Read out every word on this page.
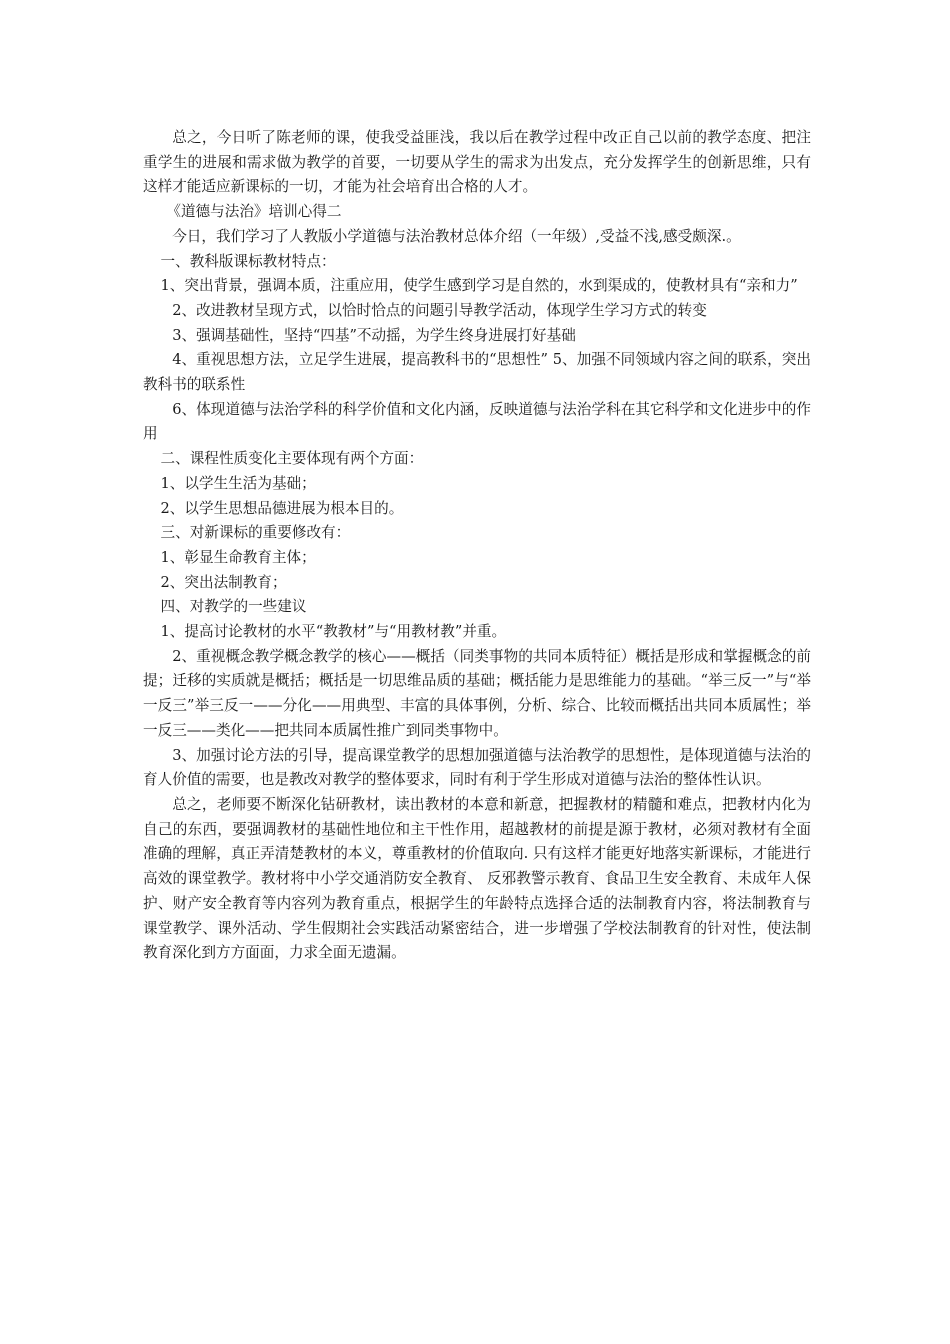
总之，今日听了陈老师的课，使我受益匪浅，我以后在教学过程中改正自己以前的教学态度、把注重学生的进展和需求做为教学的首要，一切要从学生的需求为出发点，充分发挥学生的创新思维，只有这样才能适应新课标的一切，才能为社会培育出合格的人才。

《道德与法治》培训心得二

今日，我们学习了人教版小学道德与法治教材总体介绍（一年级）,受益不浅,感受颇深.。

一、教科版课标教材特点：

1、突出背景，强调本质，注重应用，使学生感到学习是自然的，水到渠成的，使教材具有“亲和力”

2、改进教材呈现方式，以恰时恰点的问题引导教学活动，体现学生学习方式的转变

3、强调基础性，坚持“四基”不动摇，为学生终身进展打好基础

4、重视思想方法，立足学生进展，提高教科书的“思想性” 5、加强不同领域内容之间的联系，突出教科书的联系性

6、体现道德与法治学科的科学价值和文化内涵，反映道德与法治学科在其它科学和文化进步中的作用

二、课程性质变化主要体现有两个方面：

1、以学生生活为基础；

2、以学生思想品德进展为根本目的。

三、对新课标的重要修改有：

1、彰显生命教育主体；

2、突出法制教育；

四、对教学的一些建议

1、提高讨论教材的水平“教教材”与“用教材教”并重。

2、重视概念教学概念教学的核心——概括（同类事物的共同本质特征）概括是形成和掌握概念的前提；迁移的实质就是概括；概括是一切思维品质的基础；概括能力是思维能力的基础。“举三反一”与“举一反三”举三反一——分化——用典型、丰富的具体事例，分析、综合、比较而概括出共同本质属性；举一反三——类化——把共同本质属性推广到同类事物中。

3、加强讨论方法的引导，提高课堂教学的思想加强道德与法治教学的思想性，是体现道德与法治的育人价值的需要，也是教改对教学的整体要求，同时有利于学生形成对道德与法治的整体性认识。

总之，老师要不断深化钻研教材，读出教材的本意和新意，把握教材的精髓和难点，把教材内化为自己的东西，要强调教材的基础性地位和主干性作用，超越教材的前提是源于教材，必须对教材有全面准确的理解，真正弄清楚教材的本义，尊重教材的价值取向. 只有这样才能更好地落实新课标，才能进行高效的课堂教学。教材将中小学交通消防安全教育、 反邪教警示教育、食品卫生安全教育、未成年人保护、财产安全教育等内容列为教育重点，根据学生的年龄特点选择合适的法制教育内容，将法制教育与课堂教学、课外活动、学生假期社会实践活动紧密结合，进一步增强了学校法制教育的针对性，使法制教育深化到方方面面，力求全面无遗漏。
